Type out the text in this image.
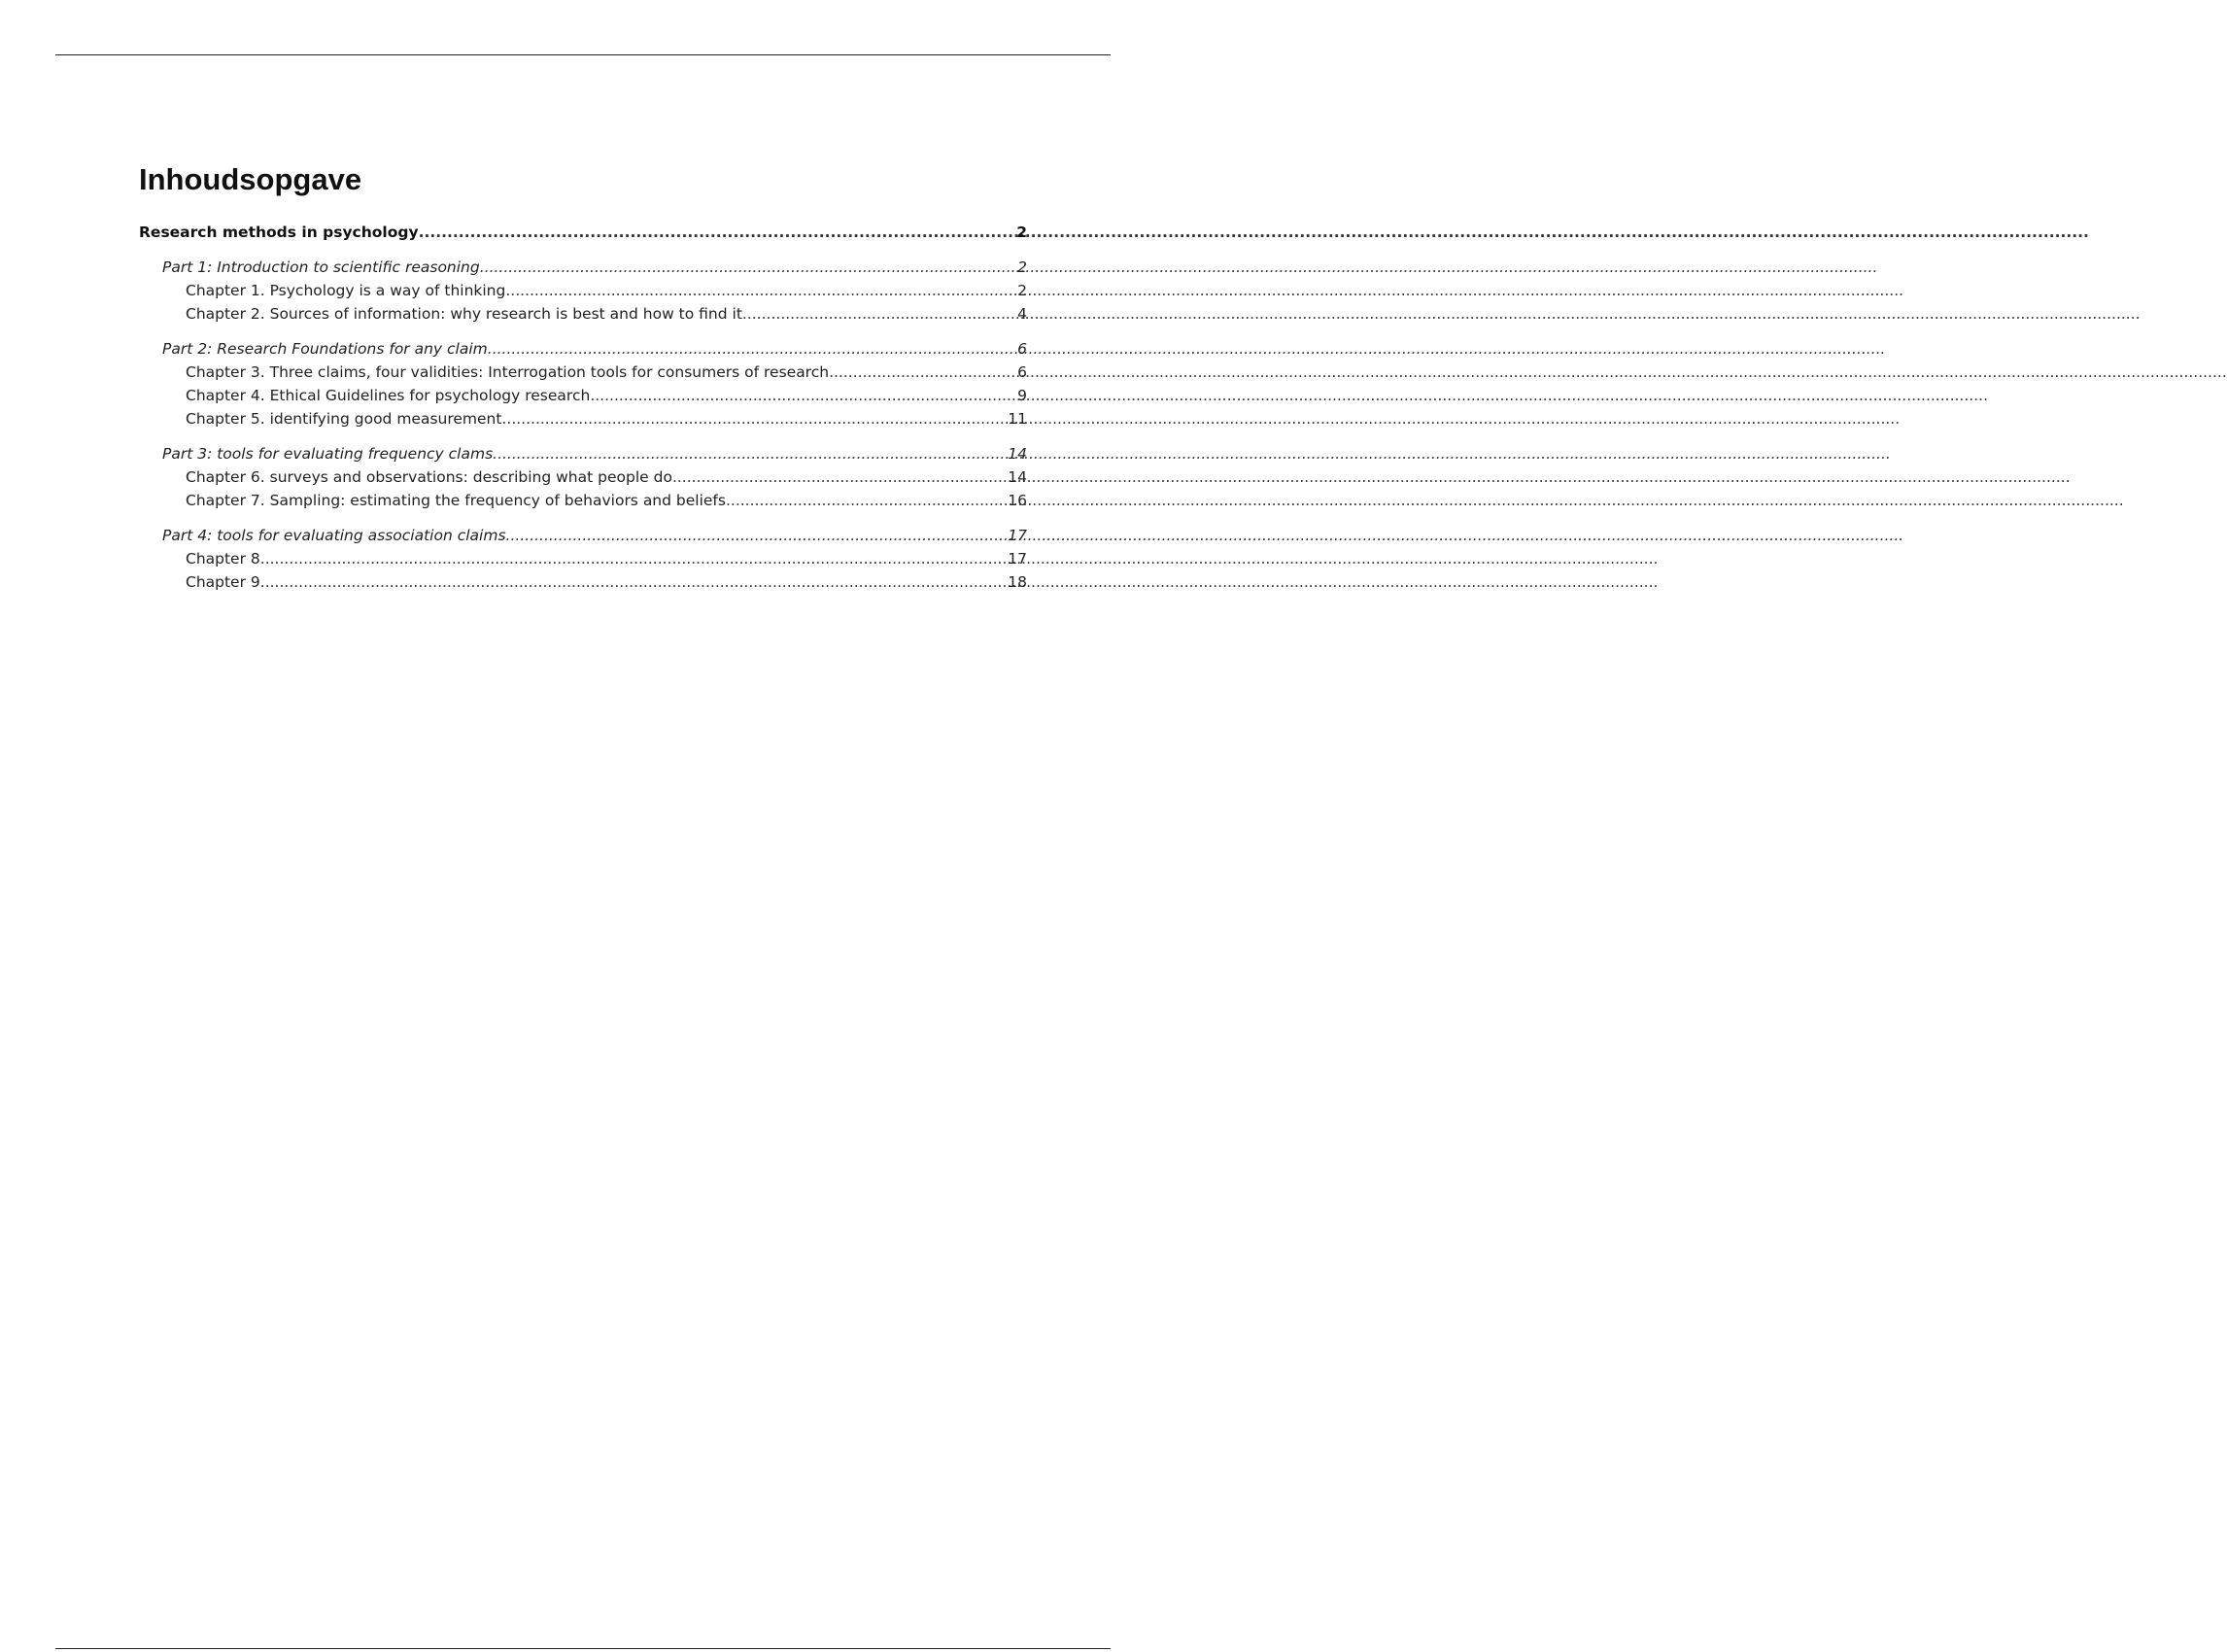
Inhoudsopgave
Research methods in psychology .....	2
Part 1: Introduction to scientific reasoning .....	2
Chapter 1. Psychology is a way of thinking .....	2
Chapter 2. Sources of information: why research is best and how to find it .....	4
Part 2: Research Foundations for any claim .....	6
Chapter 3. Three claims, four validities: Interrogation tools for consumers of research .....	6
Chapter 4. Ethical Guidelines for psychology research .....	9
Chapter 5. identifying good measurement .....	11
Part 3: tools for evaluating frequency clams .....	14
Chapter 6. surveys and observations: describing what people do .....	14
Chapter 7. Sampling: estimating the frequency of behaviors and beliefs .....	16
Part 4: tools for evaluating association claims .....	17
Chapter 8 .....	17
Chapter 9 .....	18
